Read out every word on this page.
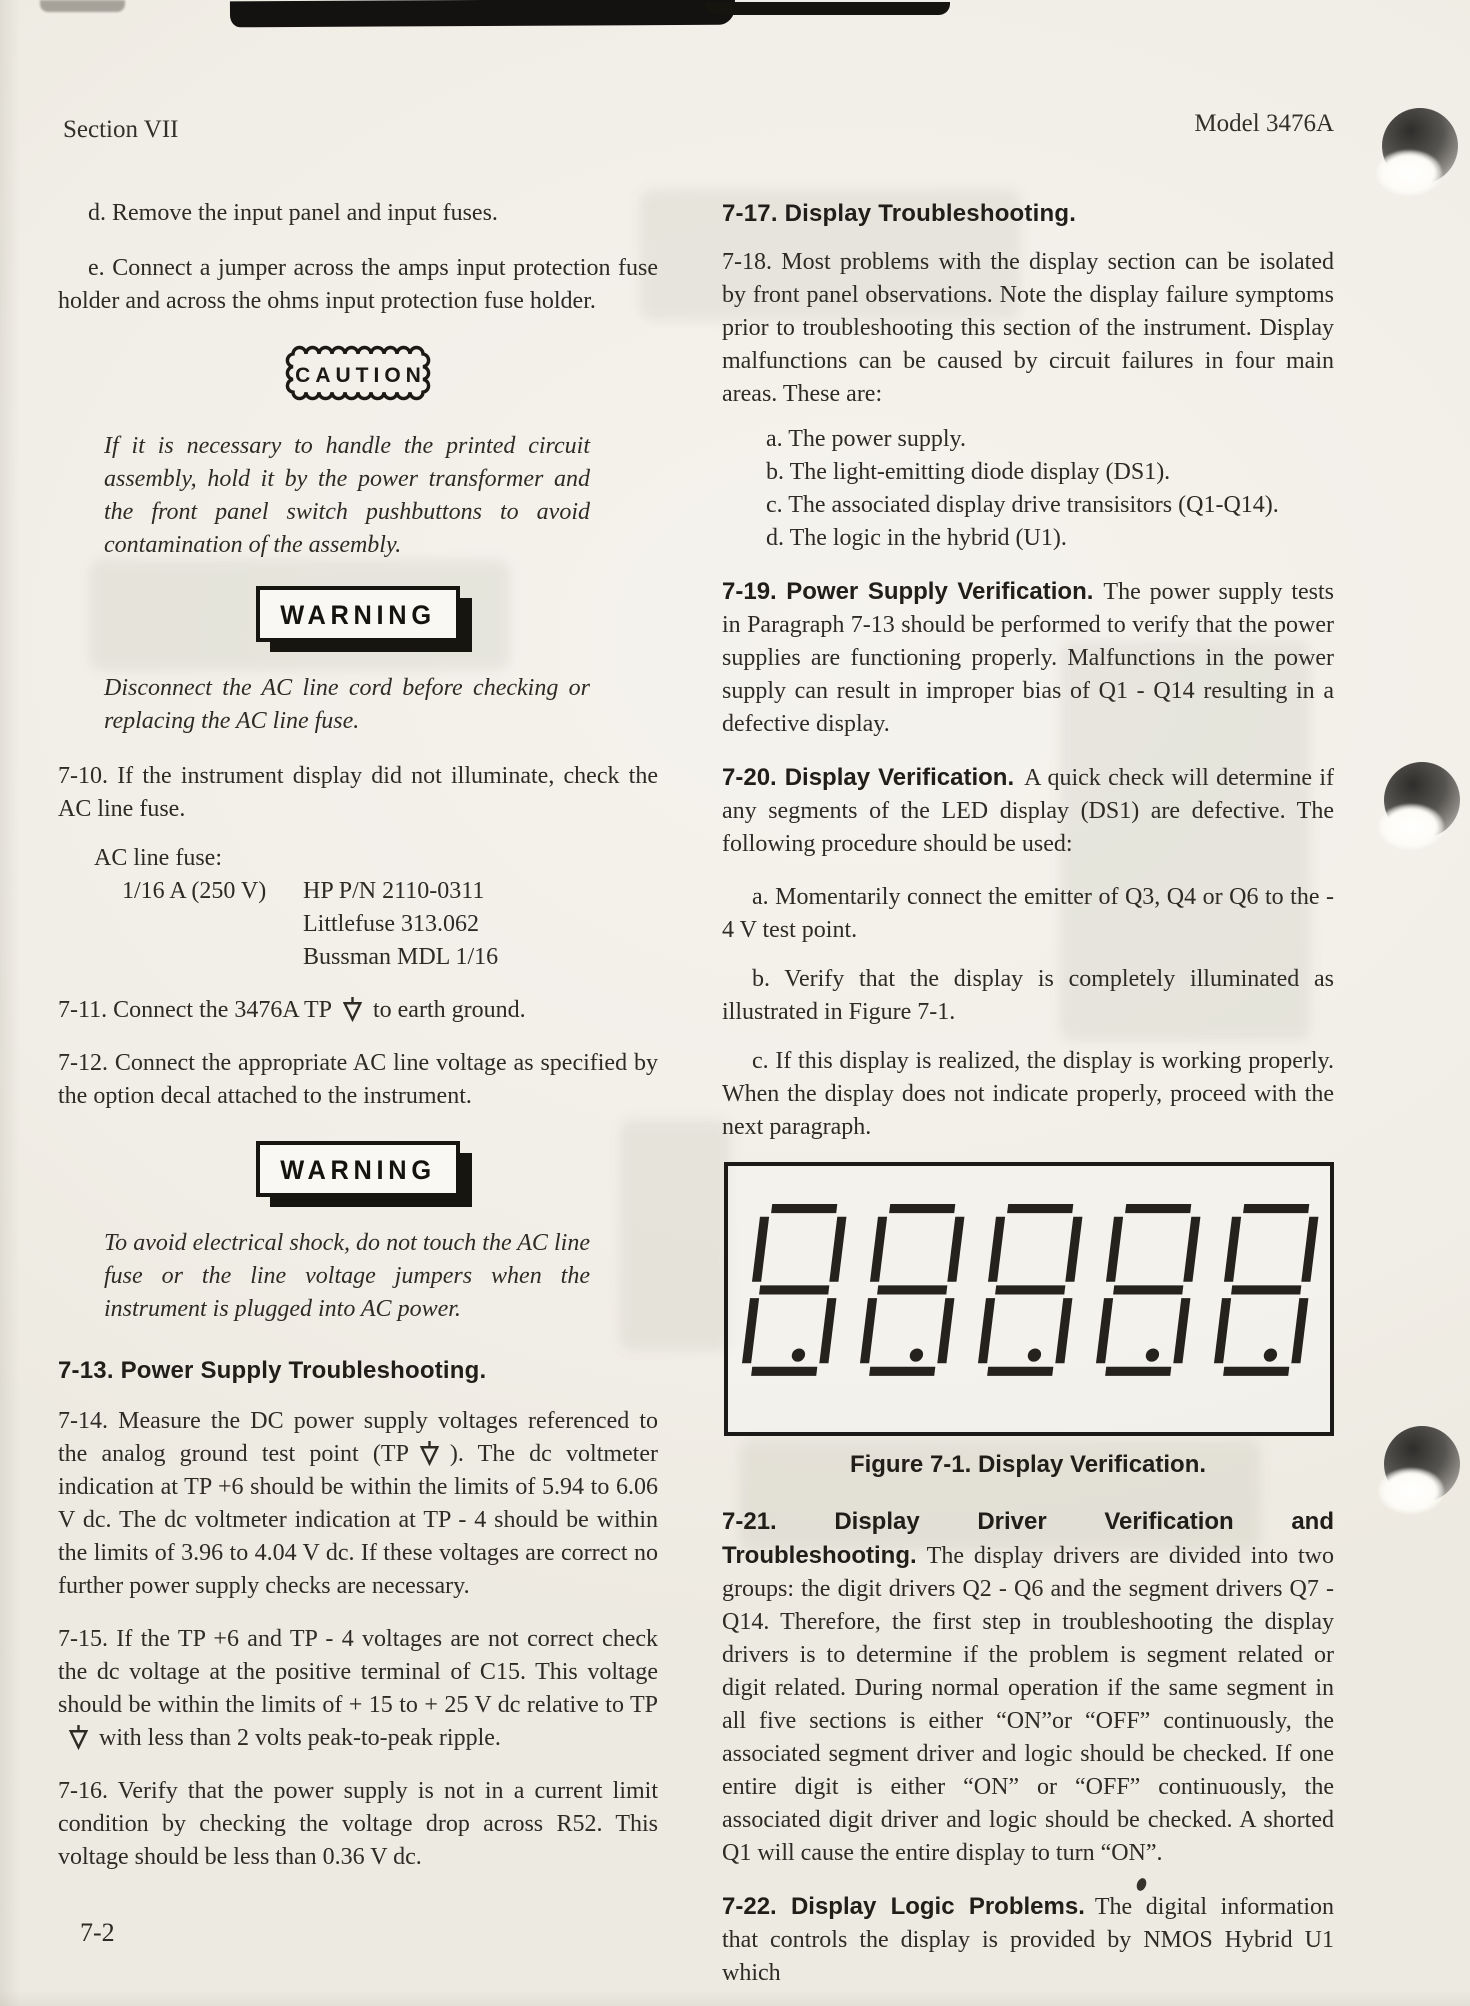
Section VII	Model 3476A

d. Remove the input panel and input fuses.

e. Connect a jumper across the amps input protection fuse holder and across the ohms input protection fuse holder.

CAUTION

If it is necessary to handle the printed circuit assembly, hold it by the power transformer and the front panel switch pushbuttons to avoid contamination of the assembly.

WARNING

Disconnect the AC line cord before checking or replacing the AC line fuse.

7-10. If the instrument display did not illuminate, check the AC line fuse.

AC line fuse:
1/16 A (250 V)	HP P/N 2110-0311
Littlefuse 313.062
Bussman MDL 1/16

7-11. Connect the 3476A TP to earth ground.

7-12. Connect the appropriate AC line voltage as specified by the option decal attached to the instrument.

WARNING

To avoid electrical shock, do not touch the AC line fuse or the line voltage jumpers when the instrument is plugged into AC power.

7-13. Power Supply Troubleshooting.

7-14. Measure the DC power supply voltages referenced to the analog ground test point (TP ). The dc voltmeter indication at TP +6 should be within the limits of 5.94 to 6.06 V dc. The dc voltmeter indication at TP - 4 should be within the limits of 3.96 to 4.04 V dc. If these voltages are correct no further power supply checks are necessary.

7-15. If the TP +6 and TP - 4 voltages are not correct check the dc voltage at the positive terminal of C15. This voltage should be within the limits of + 15 to + 25 V dc relative to TP
with less than 2 volts peak-to-peak ripple.

7-16. Verify that the power supply is not in a current limit condition by checking the voltage drop across R52. This voltage should be less than 0.36 V dc.

7-17. Display Troubleshooting.

7-18. Most problems with the display section can be isolated by front panel observations. Note the display failure symptoms prior to troubleshooting this section of the instrument. Display malfunctions can be caused by circuit failures in four main areas. These are:

a. The power supply.
b. The light-emitting diode display (DS1).
c. The associated display drive transisitors (Q1-Q14).
d. The logic in the hybrid (U1).

7-19. Power Supply Verification. The power supply tests in Paragraph 7-13 should be performed to verify that the power supplies are functioning properly. Malfunctions in the power supply can result in improper bias of Q1 - Q14 resulting in a defective display.

7-20. Display Verification. A quick check will determine if any segments of the LED display (DS1) are defective. The following procedure should be used:

a. Momentarily connect the emitter of Q3, Q4 or Q6 to the - 4 V test point.

b. Verify that the display is completely illuminated as illustrated in Figure 7-1.

c. If this display is realized, the display is working properly. When the display does not indicate properly, proceed with the next paragraph.

Figure 7-1. Display Verification.

7-21. Display Driver Verification and Troubleshooting. The display drivers are divided into two groups: the digit drivers Q2 - Q6 and the segment drivers Q7 - Q14. Therefore, the first step in troubleshooting the display drivers is to determine if the problem is segment related or digit related. During normal operation if the same segment in all five sections is either “ON”or “OFF” continuously, the associated segment driver and logic should be checked. If one entire digit is either “ON” or “OFF” continuously, the associated digit driver and logic should be checked. A shorted Q1 will cause the entire display to turn “ON”.

7-22. Display Logic Problems. The digital information that controls the display is provided by NMOS Hybrid U1 which

7-2
